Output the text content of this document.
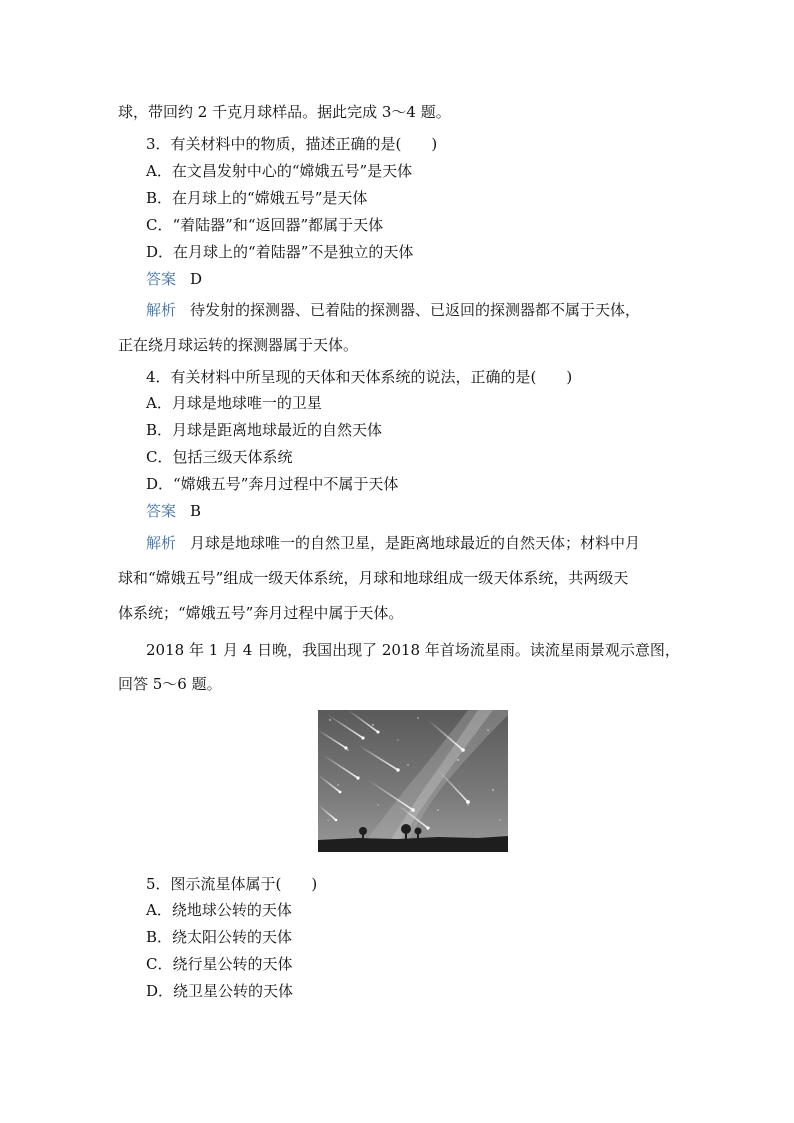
球，带回约 2 千克月球样品。据此完成 3～4 题。
3．有关材料中的物质，描述正确的是(　　)
A．在文昌发射中心的“嫦娥五号”是天体
B．在月球上的“嫦娥五号”是天体
C．“着陆器”和“返回器”都属于天体
D．在月球上的“着陆器”不是独立的天体
答案 D
解析 待发射的探测器、已着陆的探测器、已返回的探测器都不属于天体，
正在绕月球运转的探测器属于天体。
4．有关材料中所呈现的天体和天体系统的说法，正确的是(　　)
A．月球是地球唯一的卫星
B．月球是距离地球最近的自然天体
C．包括三级天体系统
D．“嫦娥五号”奔月过程中不属于天体
答案 B
解析 月球是地球唯一的自然卫星，是距离地球最近的自然天体；材料中月
球和“嫦娥五号”组成一级天体系统，月球和地球组成一级天体系统，共两级天
体系统；“嫦娥五号”奔月过程中属于天体。
2018 年 1 月 4 日晚，我国出现了 2018 年首场流星雨。读流星雨景观示意图，
回答 5～6 题。
5．图示流星体属于(　　)
A．绕地球公转的天体
B．绕太阳公转的天体
C．绕行星公转的天体
D．绕卫星公转的天体
